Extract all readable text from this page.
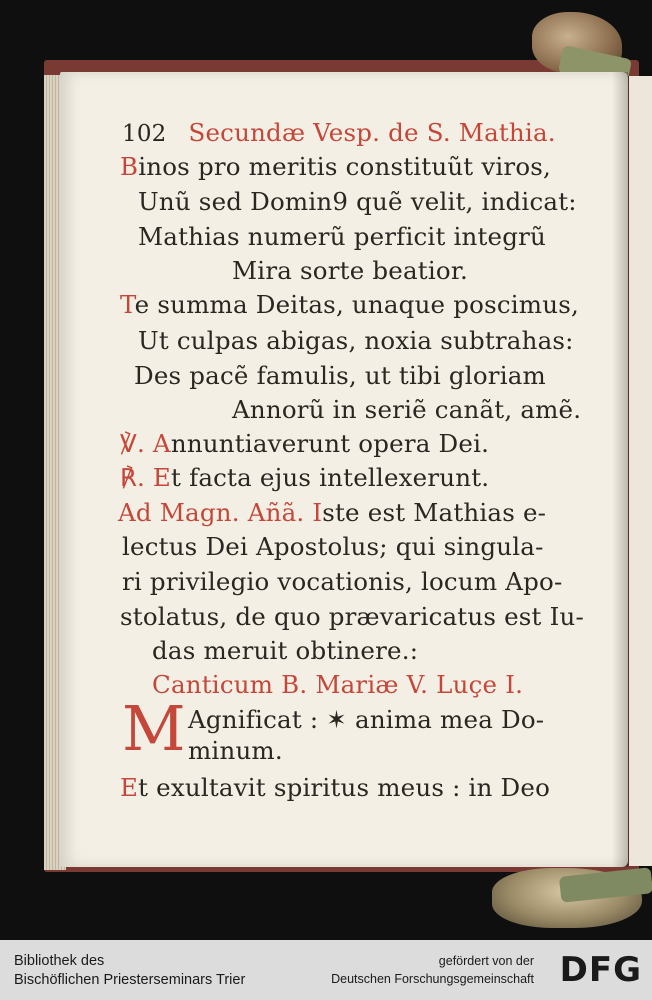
102 Secundæ Vesp. de S. Mathia.
Binos pro meritis constituũt viros,
Unũ sed Domin9 quẽ velit, indicat:
Mathias numerũ perficit integrũ
Mira sorte beatior.
Te summa Deitas, unaque poscimus,
Ut culpas abigas, noxia subtrahas:
Des pacẽ famulis, ut tibi gloriam
Annorũ in seriẽ canãt, amẽ.
℣. Annuntiaverunt opera Dei.
℟. Et facta ejus intellexerunt.
Ad Magn. Añã. Iste est Mathias e-
lectus Dei Apostolus; qui singula-
ri privilegio vocationis, locum Apo-
stolatus, de quo prævaricatus est Iu-
das meruit obtinere.:
Canticum B. Mariæ V. Luçe I.
M Agnificat : ✶ anima mea Do-
minum.
Et exultavit spiritus meus : in Deo
Bibliothek des
Bischöflichen Priesterseminars Trier
gefördert von der
Deutschen Forschungsgemeinschaft DFG
